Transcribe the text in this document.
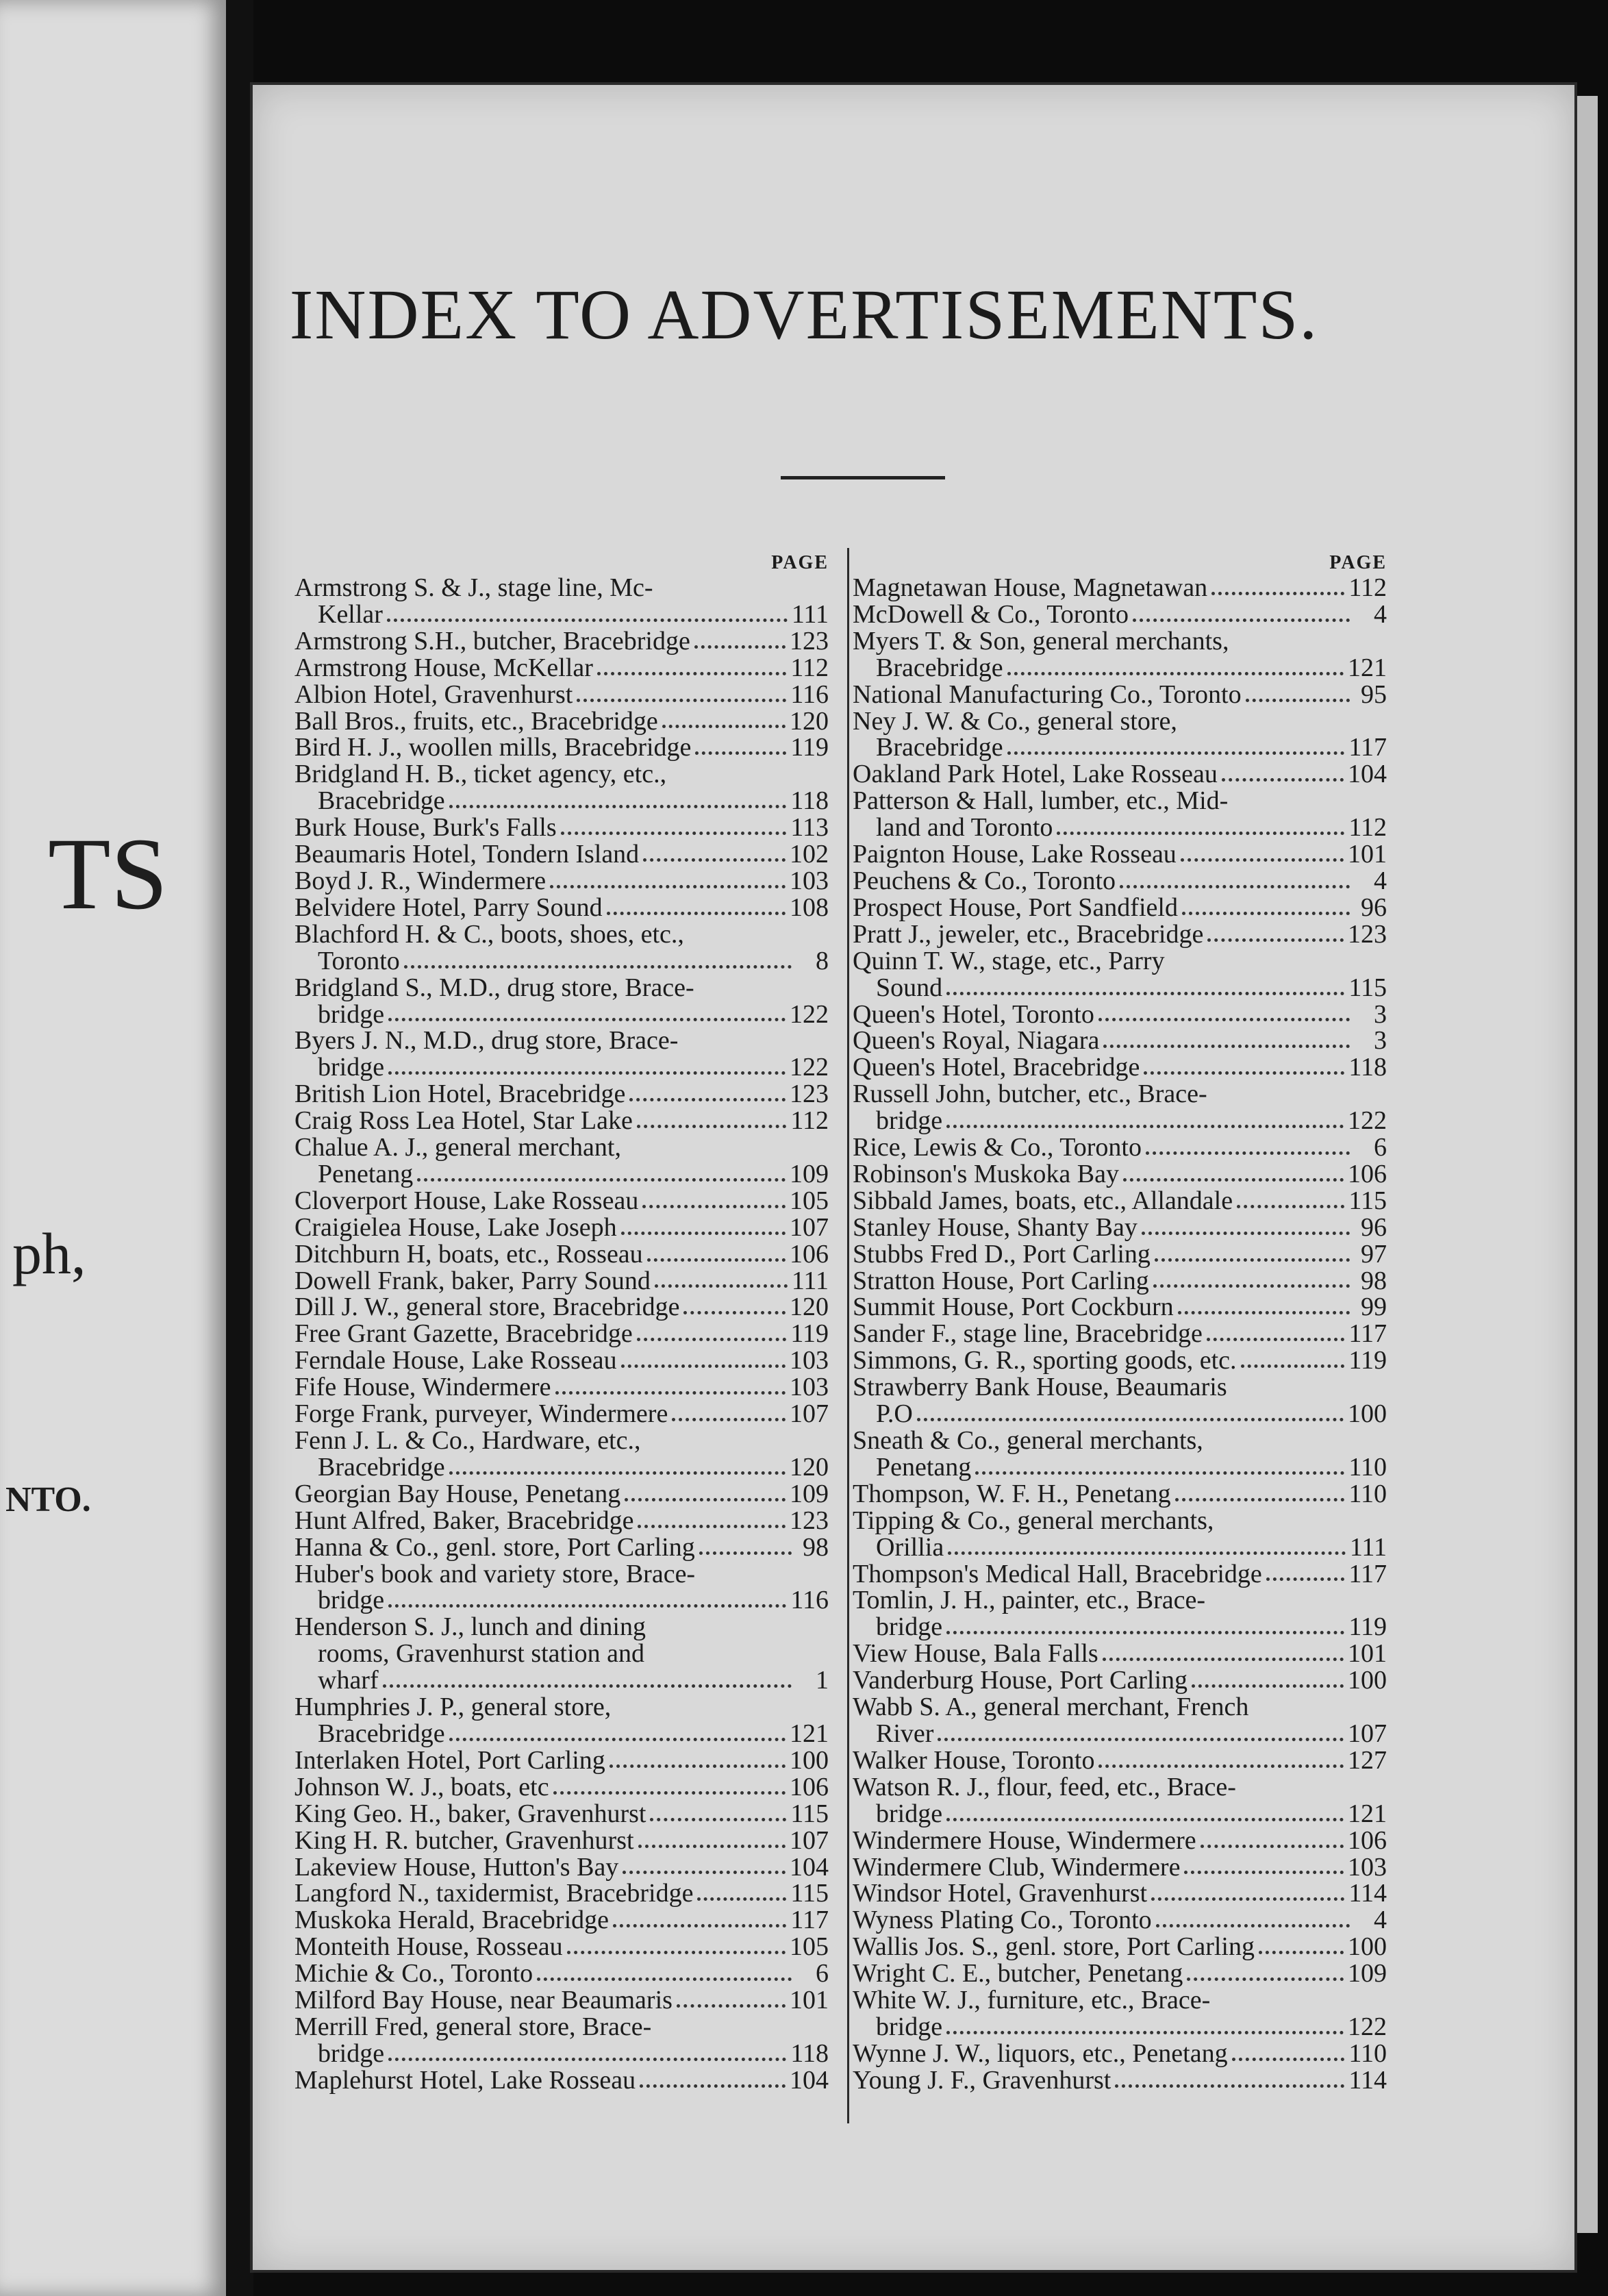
TS
ph,
NTO.
INDEX TO ADVERTISEMENTS.
PAGE
Armstrong S. & J., stage line, Mc-
Kellar	111
Armstrong S.H., butcher, Bracebridge	123
Armstrong House, McKellar	112
Albion Hotel, Gravenhurst	116
Ball Bros., fruits, etc., Bracebridge	120
Bird H. J., woollen mills, Bracebridge	119
Bridgland H. B., ticket agency, etc.,
Bracebridge	118
Burk House, Burk's Falls	113
Beaumaris Hotel, Tondern Island	102
Boyd J. R., Windermere	103
Belvidere Hotel, Parry Sound	108
Blachford H. & C., boots, shoes, etc.,
Toronto	8
Bridgland S., M.D., drug store, Brace-
bridge	122
Byers J. N., M.D., drug store, Brace-
bridge	122
British Lion Hotel, Bracebridge	123
Craig Ross Lea Hotel, Star Lake	112
Chalue A. J., general merchant,
Penetang	109
Cloverport House, Lake Rosseau	105
Craigielea House, Lake Joseph	107
Ditchburn H, boats, etc., Rosseau	106
Dowell Frank, baker, Parry Sound	111
Dill J. W., general store, Bracebridge	120
Free Grant Gazette, Bracebridge	119
Ferndale House, Lake Rosseau	103
Fife House, Windermere	103
Forge Frank, purveyer, Windermere	107
Fenn J. L. & Co., Hardware, etc.,
Bracebridge	120
Georgian Bay House, Penetang	109
Hunt Alfred, Baker, Bracebridge	123
Hanna & Co., genl. store, Port Carling	98
Huber's book and variety store, Brace-
bridge	116
Henderson S. J., lunch and dining
rooms, Gravenhurst station and
wharf	1
Humphries J. P., general store,
Bracebridge	121
Interlaken Hotel, Port Carling	100
Johnson W. J., boats, etc	106
King Geo. H., baker, Gravenhurst	115
King H. R. butcher, Gravenhurst	107
Lakeview House, Hutton's Bay	104
Langford N., taxidermist, Bracebridge	115
Muskoka Herald, Bracebridge	117
Monteith House, Rosseau	105
Michie & Co., Toronto	6
Milford Bay House, near Beaumaris	101
Merrill Fred, general store, Brace-
bridge	118
Maplehurst Hotel, Lake Rosseau	104
PAGE
Magnetawan House, Magnetawan	112
McDowell & Co., Toronto	4
Myers T. & Son, general merchants,
Bracebridge	121
National Manufacturing Co., Toronto	95
Ney J. W. & Co., general store,
Bracebridge	117
Oakland Park Hotel, Lake Rosseau	104
Patterson & Hall, lumber, etc., Mid-
land and Toronto	112
Paignton House, Lake Rosseau	101
Peuchens & Co., Toronto	4
Prospect House, Port Sandfield	96
Pratt J., jeweler, etc., Bracebridge	123
Quinn T. W., stage, etc., Parry
Sound	115
Queen's Hotel, Toronto	3
Queen's Royal, Niagara	3
Queen's Hotel, Bracebridge	118
Russell John, butcher, etc., Brace-
bridge	122
Rice, Lewis & Co., Toronto	6
Robinson's Muskoka Bay	106
Sibbald James, boats, etc., Allandale	115
Stanley House, Shanty Bay	96
Stubbs Fred D., Port Carling	97
Stratton House, Port Carling	98
Summit House, Port Cockburn	99
Sander F., stage line, Bracebridge	117
Simmons, G. R., sporting goods, etc.	119
Strawberry Bank House, Beaumaris
P.O	100
Sneath & Co., general merchants,
Penetang	110
Thompson, W. F. H., Penetang	110
Tipping & Co., general merchants,
Orillia	111
Thompson's Medical Hall, Bracebridge	117
Tomlin, J. H., painter, etc., Brace-
bridge	119
View House, Bala Falls	101
Vanderburg House, Port Carling	100
Wabb S. A., general merchant, French
River	107
Walker House, Toronto	127
Watson R. J., flour, feed, etc., Brace-
bridge	121
Windermere House, Windermere	106
Windermere Club, Windermere	103
Windsor Hotel, Gravenhurst	114
Wyness Plating Co., Toronto	4
Wallis Jos. S., genl. store, Port Carling	100
Wright C. E., butcher, Penetang	109
White W. J., furniture, etc., Brace-
bridge	122
Wynne J. W., liquors, etc., Penetang	110
Young J. F., Gravenhurst	114
